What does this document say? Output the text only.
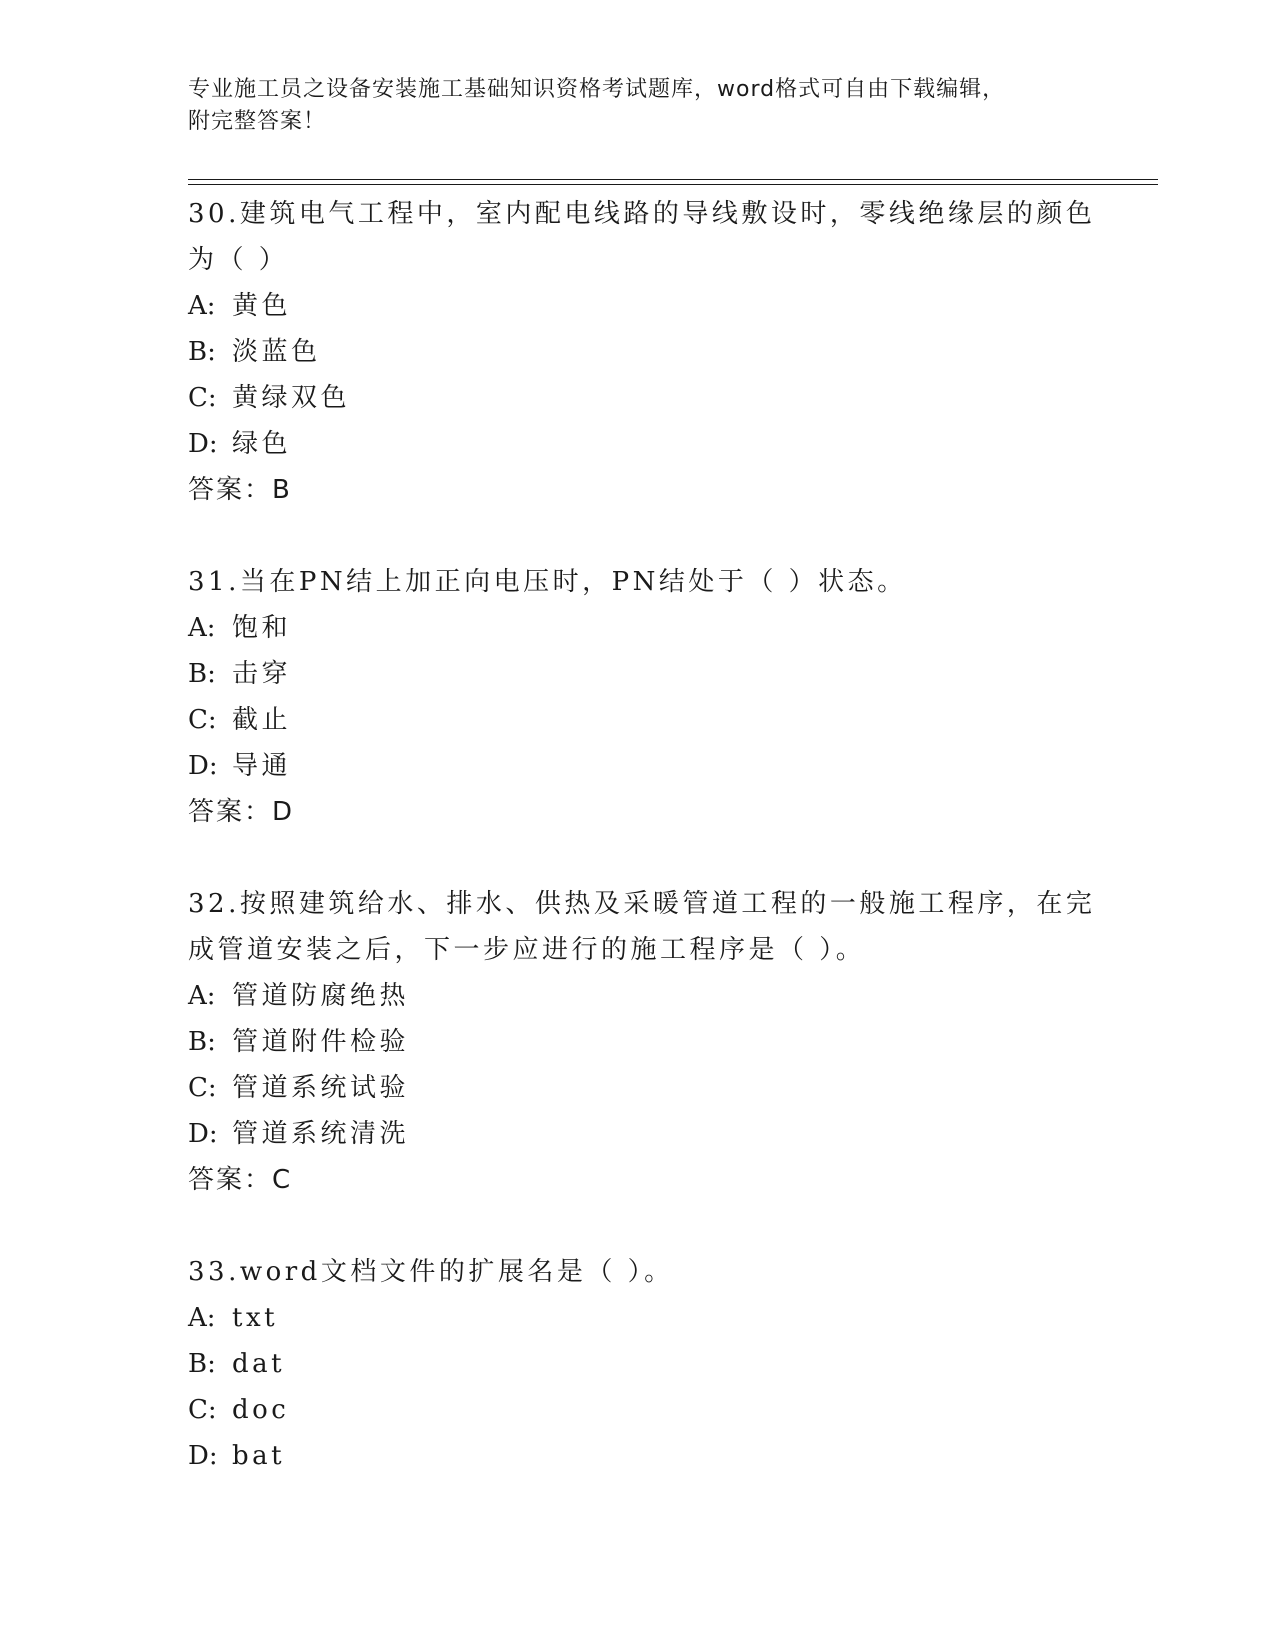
专业施工员之设备安装施工基础知识资格考试题库，word格式可自由下载编辑，
附完整答案！
30.建筑电气工程中，室内配电线路的导线敷设时，零线绝缘层的颜色
为（ ）
A: 黄色
B: 淡蓝色
C: 黄绿双色
D: 绿色
答案：B
31.当在PN结上加正向电压时，PN结处于（ ）状态。
A: 饱和
B: 击穿
C: 截止
D: 导通
答案：D
32.按照建筑给水、排水、供热及采暖管道工程的一般施工程序，在完
成管道安装之后，下一步应进行的施工程序是（ ）。
A: 管道防腐绝热
B: 管道附件检验
C: 管道系统试验
D: 管道系统清洗
答案：C
33.word文档文件的扩展名是（ ）。
A: txt
B: dat
C: doc
D: bat
